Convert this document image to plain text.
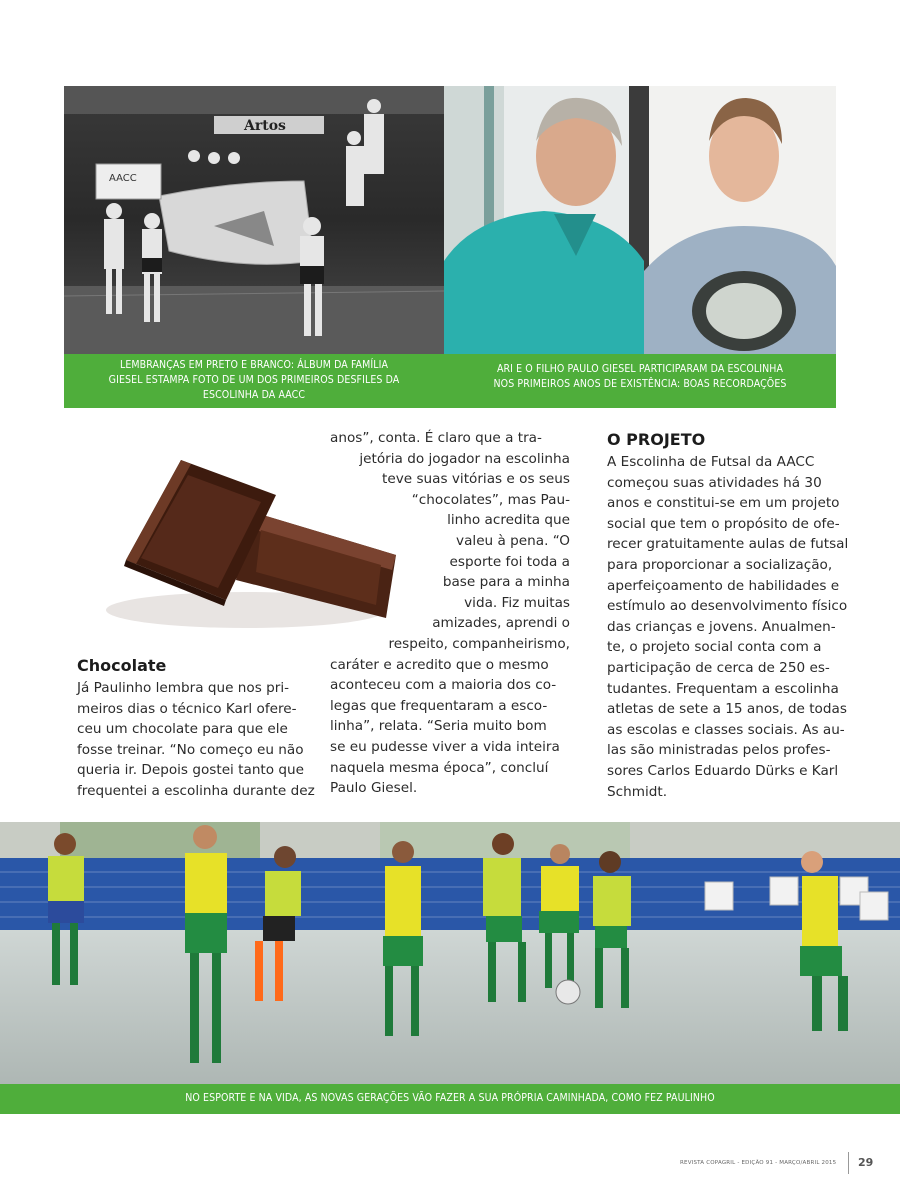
Artos
AACC
LEMBRANÇAS EM PRETO E BRANCO: ÁLBUM DA FAMÍLIA
GIESEL ESTAMPA FOTO DE UM DOS PRIMEIROS DESFILES DA
ESCOLINHA DA AACC
ARI E O FILHO PAULO GIESEL PARTICIPARAM DA ESCOLINHA
NOS PRIMEIROS ANOS DE EXISTÊNCIA: BOAS RECORDAÇÕES
Chocolate
Já Paulinho lembra que nos pri-
meiros dias o técnico Karl ofere-
ceu um chocolate para que ele
fosse treinar. “No começo eu não
queria ir. Depois gostei tanto que
frequentei a escolinha durante dez
anos”, conta. É claro que a tra-
jetória do jogador na escolinha
teve suas vitórias e os seus
“chocolates”, mas Pau-
linho acredita que
valeu à pena. “O
esporte foi toda a
base para a minha
vida. Fiz muitas
amizades, aprendi o
respeito, companheirismo,
caráter e acredito que o mesmo
aconteceu com a maioria dos co-
legas que frequentaram a esco-
linha”, relata. “Seria muito bom
se eu pudesse viver a vida inteira
naquela mesma época”, concluí
Paulo Giesel.
O PROJETO
A Escolinha de Futsal da AACC
começou suas atividades há 30
anos e constitui-se em um projeto
social que tem o propósito de ofe-
recer gratuitamente aulas de futsal
para proporcionar a socialização,
aperfeiçoamento de habilidades e
estímulo ao desenvolvimento físico
das crianças e jovens. Anualmen-
te, o projeto social conta com a
participação de cerca de 250 es-
tudantes. Frequentam a escolinha
atletas de sete a 15 anos, de todas
as escolas e classes sociais. As au-
las são ministradas pelos profes-
sores Carlos Eduardo Dürks e Karl
Schmidt.
NO ESPORTE E NA VIDA, AS NOVAS GERAÇÕES VÃO FAZER A SUA PRÓPRIA CAMINHADA, COMO FEZ PAULINHO
REVISTA COPAGRIL - EDIÇÃO 91 - MARÇO/ABRIL 2015 29
